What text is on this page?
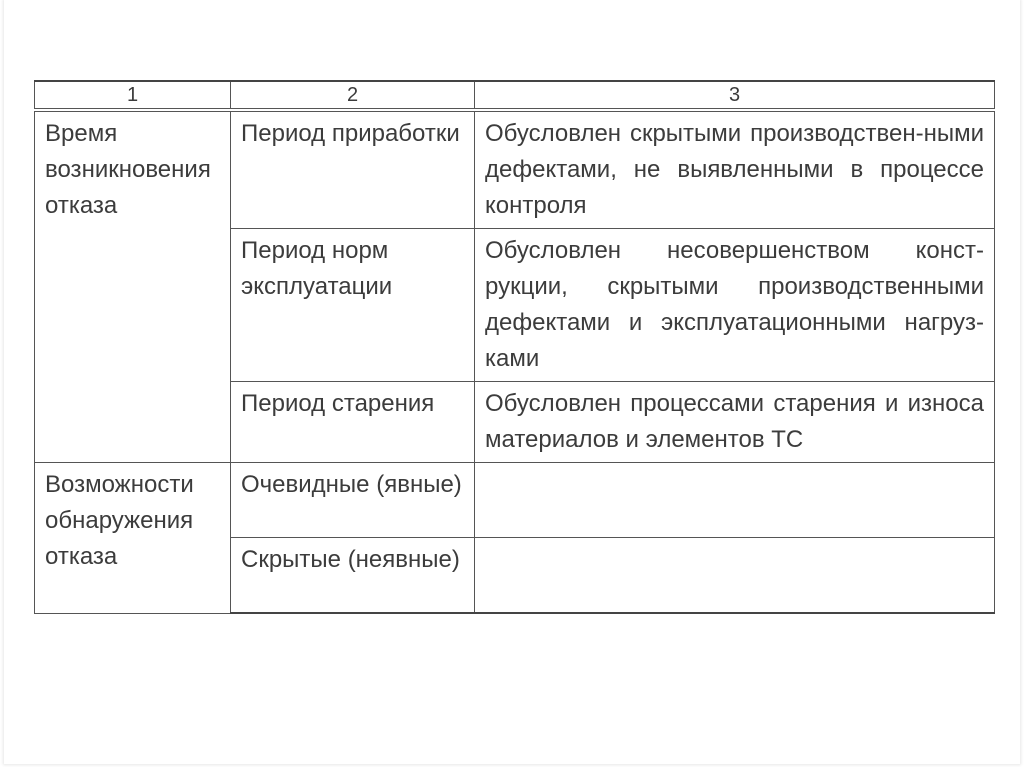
1	2	3

Время возникновения отказа	Период приработки	Обусловлен скрытыми производствен-ными дефектами, не выявленными в процессе контроля

	Период норм эксплуатации	Обусловлен несовершенством конст-рукции, скрытыми производственными дефектами и эксплуатационными нагруз-ками

	Период старения	Обусловлен процессами старения и износа материалов и элементов ТС

Возможности обнаружения отказа	Очевидные (явные)	

	Скрытые (неявные)	
